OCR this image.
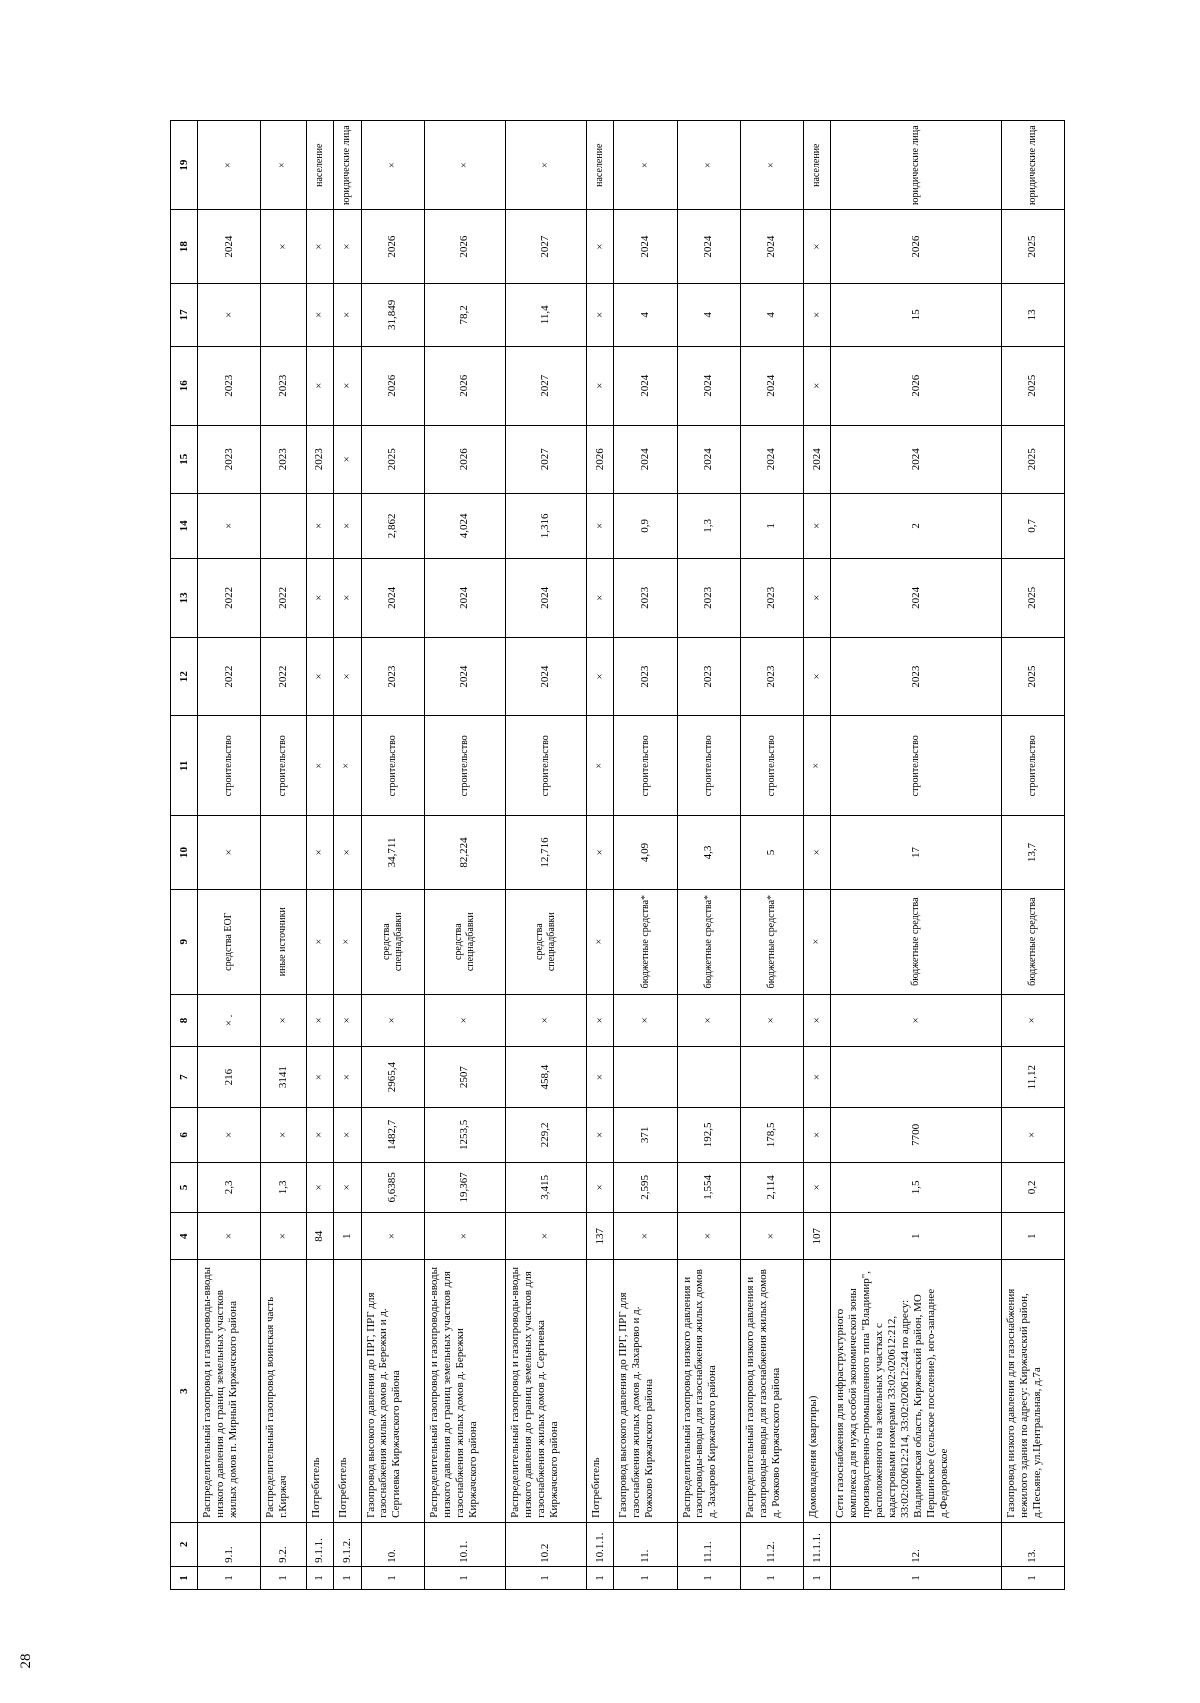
28
1	2	3	4	5	6	7	8	9	10	11	12	13	14	15	16	17	18	19
1	9.1.	Распределительный газопровод и газопроводы-вводы низкого давления до границ земельных участков жилых домов п. Мирный Киржачского района	×	2,3	×	216	× .	средства ЕОГ	×	строительство	2022	2022	×	2023	2023	×	2024	×
1	9.2.	Распределительный газопровод воинская часть г.Киржач	×	1,3	×	3141	×	иные источники		строительство	2022	2022		2023	2023		×	×
1	9.1.1.	Потребитель	84	×	×	×	×	×	×	×	×	×	×	2023	×	×	×	население
1	9.1.2.	Потребитель	1	×	×	×	×	×	×	×	×	×	×	×	×	×	×	юридические лица
1	10.	Газопровод высокого давления до ПРГ, ПРГ для газоснабжения жилых домов д. Бережки и д. Сергиевка Киржачского района	×	6,6385	1482,7	2965,4	×	средства спецнадбавки	34,711	строительство	2023	2024	2,862	2025	2026	31,849	2026	×
1	10.1.	Распределительный газопровод и газопроводы-вводы низкого давления до границ земельных участков для газоснабжения жилых домов д. Бережки Киржачского района	×	19,367	1253,5	2507	×	средства спецнадбавки	82,224	строительство	2024	2024	4,024	2026	2026	78,2	2026	×
1	10.2	Распределительный газопровод и газопроводы-вводы низкого давления до границ земельных участков для газоснабжения жилых домов д. Сергиевка Киржачского района	×	3,415	229,2	458,4	×	средства спецнадбавки	12,716	строительство	2024	2024	1,316	2027	2027	11,4	2027	×
1	10.1.1.	Потребитель	137	×	×	×	×	×	×	×	×	×	×	2026	×	×	×	население
1	11.	Газопровод высокого давления до ПРГ, ПРГ для газоснабжения жилых домов д. Захарово и д. Рожково Киржачского района	×	2,595	371		×	бюджетные средства*	4,09	строительство	2023	2023	0,9	2024	2024	4	2024	×
1	11.1.	Распределительный газопровод низкого давления и газопроводы-вводы для газоснабжения жилых домов д. Захарово Киржачского района	×	1,554	192,5		×	бюджетные средства*	4,3	строительство	2023	2023	1,3	2024	2024	4	2024	×
1	11.2.	Распределительный газопровод низкого давления и газопроводы-вводы для газоснабжения жилых домов д. Рожково Киржачского района	×	2,114	178,5		×	бюджетные средства*	5	строительство	2023	2023	1	2024	2024	4	2024	×
1	11.1.1.	Домовладения (квартиры)	107	×	×	×	×	×	×	×	×	×	×	2024	×	×	×	население
1	12.	Сети газоснабжения для инфраструктурного комплекса для нужд особой экономической зоны производственно-промышленного типа "Владимир", расположенного на земельных участках с кадастровыми номерами 33:02:020612:212, 33:02:020612:214, 33:02:020612:244 по адресу: Владимирская область, Киржачский район, МО Першинское (сельское поселение), юго-западнее д.Федоровское	1	1,5	7700		×	бюджетные средства	17	строительство	2023	2024	2	2024	2026	15	2026	юридические лица
1	13.	Газопровод низкого давления для газоснабжения нежилого здания по адресу: Киржачский район, д.Песьяне, ул.Центральная, д.7а	1	0,2	×	11,12	×	бюджетные средства	13,7	строительство	2025	2025	0,7	2025	2025	13	2025	юридические лица
